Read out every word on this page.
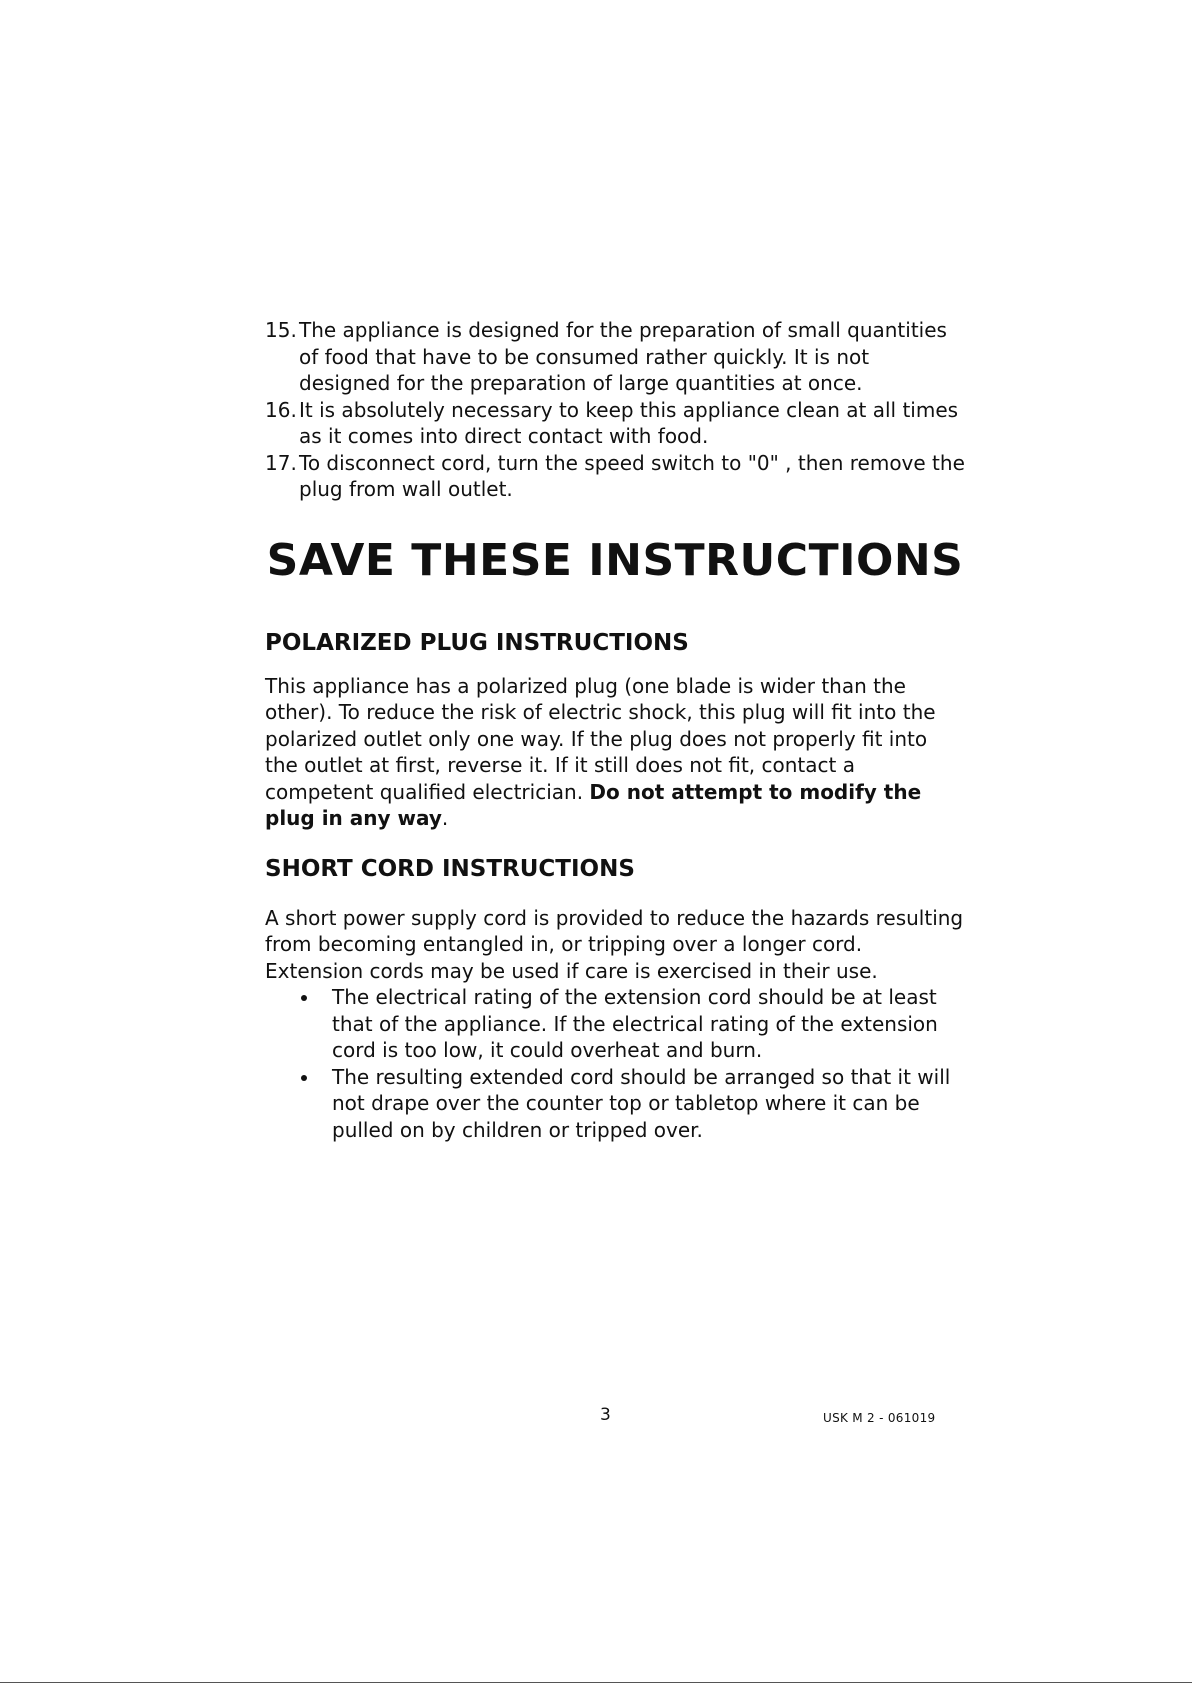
15. The appliance is designed for the preparation of small quantities of food that have to be consumed rather quickly. It is not designed for the preparation of large quantities at once.
16. It is absolutely necessary to keep this appliance clean at all times as it comes into direct contact with food.
17. To disconnect cord, turn the speed switch to "0" , then remove the plug from wall outlet.
SAVE THESE INSTRUCTIONS
POLARIZED PLUG INSTRUCTIONS

This appliance has a polarized plug (one blade is wider than the other). To reduce the risk of electric shock, this plug will fit into the polarized outlet only one way. If the plug does not properly fit into the outlet at first, reverse it. If it still does not fit, contact a competent qualified electrician. Do not attempt to modify the plug in any way.

SHORT CORD INSTRUCTIONS

A short power supply cord is provided to reduce the hazards resulting from becoming entangled in, or tripping over a longer cord. Extension cords may be used if care is exercised in their use.

The electrical rating of the extension cord should be at least that of the appliance. If the electrical rating of the extension cord is too low, it could overheat and burn.
The resulting extended cord should be arranged so that it will not drape over the counter top or tabletop where it can be pulled on by children or tripped over.
3	USK M 2 - 061019
